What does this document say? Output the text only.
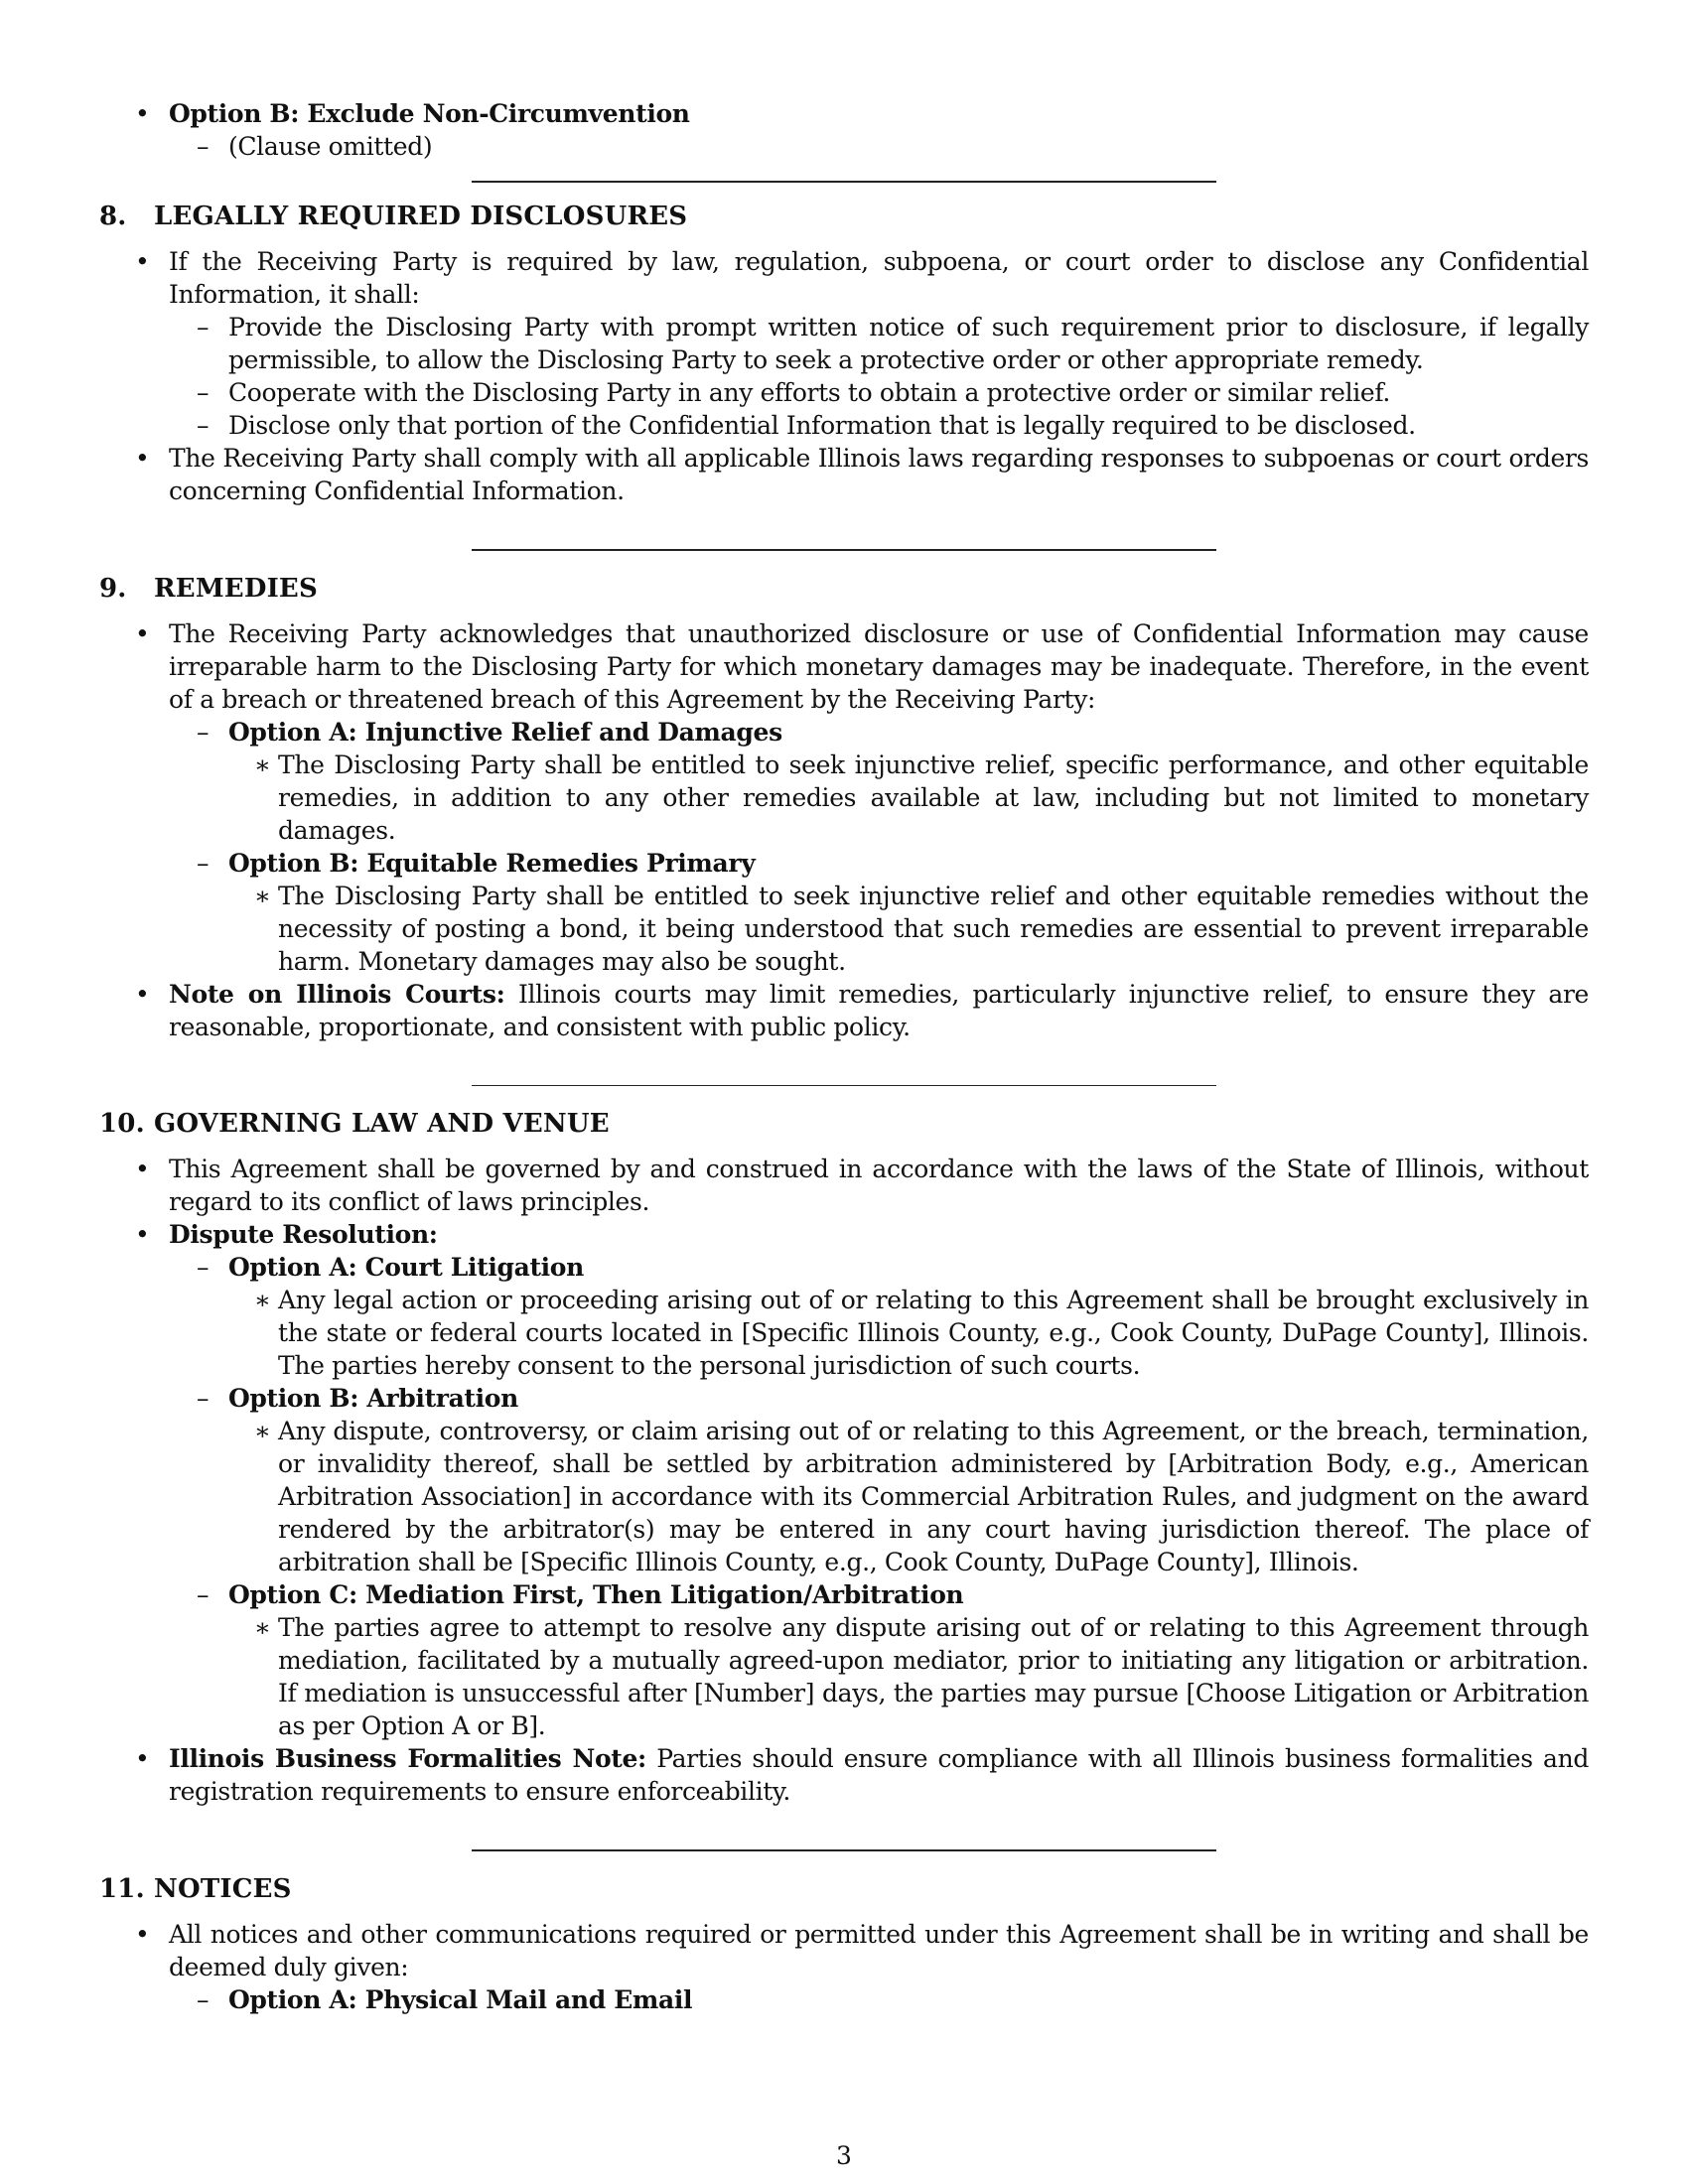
• Option B: Exclude Non-Circumvention
– (Clause omitted)
8. LEGALLY REQUIRED DISCLOSURES
• If the Receiving Party is required by law, regulation, subpoena, or court order to disclose any Confidential Information, it shall:
– Provide the Disclosing Party with prompt written notice of such requirement prior to disclosure, if legally permissible, to allow the Disclosing Party to seek a protective order or other appropriate remedy.
– Cooperate with the Disclosing Party in any efforts to obtain a protective order or similar relief.
– Disclose only that portion of the Confidential Information that is legally required to be disclosed.
• The Receiving Party shall comply with all applicable Illinois laws regarding responses to subpoenas or court orders concerning Confidential Information.
9. REMEDIES
• The Receiving Party acknowledges that unauthorized disclosure or use of Confidential Information may cause irreparable harm to the Disclosing Party for which monetary damages may be inadequate. Therefore, in the event of a breach or threatened breach of this Agreement by the Receiving Party:
– Option A: Injunctive Relief and Damages
∗ The Disclosing Party shall be entitled to seek injunctive relief, specific performance, and other equitable remedies, in addition to any other remedies available at law, including but not limited to monetary damages.
– Option B: Equitable Remedies Primary
∗ The Disclosing Party shall be entitled to seek injunctive relief and other equitable remedies without the necessity of posting a bond, it being understood that such remedies are essential to prevent irreparable harm. Monetary damages may also be sought.
• Note on Illinois Courts: Illinois courts may limit remedies, particularly injunctive relief, to ensure they are reasonable, proportionate, and consistent with public policy.
10. GOVERNING LAW AND VENUE
• This Agreement shall be governed by and construed in accordance with the laws of the State of Illinois, without regard to its conflict of laws principles.
• Dispute Resolution:
– Option A: Court Litigation
∗ Any legal action or proceeding arising out of or relating to this Agreement shall be brought exclusively in the state or federal courts located in [Specific Illinois County, e.g., Cook County, DuPage County], Illinois. The parties hereby consent to the personal jurisdiction of such courts.
– Option B: Arbitration
∗ Any dispute, controversy, or claim arising out of or relating to this Agreement, or the breach, termination, or invalidity thereof, shall be settled by arbitration administered by [Arbitration Body, e.g., American Arbitration Association] in accordance with its Commercial Arbitration Rules, and judgment on the award rendered by the arbitrator(s) may be entered in any court having jurisdiction thereof. The place of arbitration shall be [Specific Illinois County, e.g., Cook County, DuPage County], Illinois.
– Option C: Mediation First, Then Litigation/Arbitration
∗ The parties agree to attempt to resolve any dispute arising out of or relating to this Agreement through mediation, facilitated by a mutually agreed-upon mediator, prior to initiating any litigation or arbitration. If mediation is unsuccessful after [Number] days, the parties may pursue [Choose Litigation or Arbitration as per Option A or B].
• Illinois Business Formalities Note: Parties should ensure compliance with all Illinois business formalities and registration requirements to ensure enforceability.
11. NOTICES
• All notices and other communications required or permitted under this Agreement shall be in writing and shall be deemed duly given:
– Option A: Physical Mail and Email
3
